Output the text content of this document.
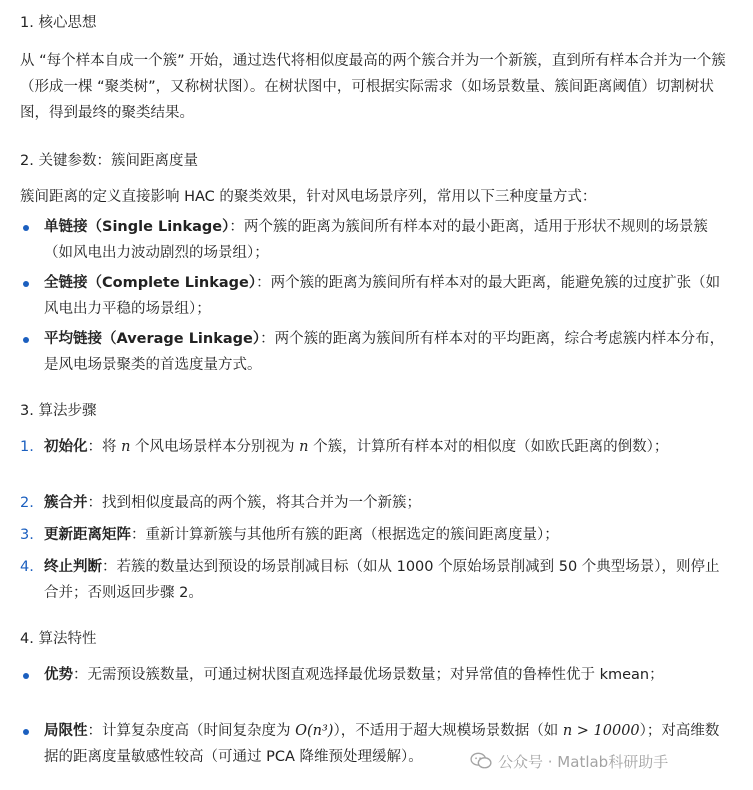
1. 核心思想
从 “每个样本自成一个簇” 开始，通过迭代将相似度最高的两个簇合并为一个新簇，直到所有样本合并为一个簇（形成一棵 “聚类树”，又称树状图）。在树状图中，可根据实际需求（如场景数量、簇间距离阈值）切割树状图，得到最终的聚类结果。
2. 关键参数：簇间距离度量
簇间距离的定义直接影响 HAC 的聚类效果，针对风电场景序列，常用以下三种度量方式：
单链接（Single Linkage）：两个簇的距离为簇间所有样本对的最小距离，适用于形状不规则的场景簇（如风电出力波动剧烈的场景组）；
全链接（Complete Linkage）：两个簇的距离为簇间所有样本对的最大距离，能避免簇的过度扩张（如风电出力平稳的场景组）；
平均链接（Average Linkage）：两个簇的距离为簇间所有样本对的平均距离，综合考虑簇内样本分布，是风电场景聚类的首选度量方式。
3. 算法步骤
1. 初始化：将 n 个风电场景样本分别视为 n 个簇，计算所有样本对的相似度（如欧氏距离的倒数）；
2. 簇合并：找到相似度最高的两个簇，将其合并为一个新簇；
3. 更新距离矩阵：重新计算新簇与其他所有簇的距离（根据选定的簇间距离度量）；
4. 终止判断：若簇的数量达到预设的场景削减目标（如从 1000 个原始场景削减到 50 个典型场景），则停止合并；否则返回步骤 2。
4. 算法特性
优势：无需预设簇数量，可通过树状图直观选择最优场景数量；对异常值的鲁棒性优于 kmean；
局限性：计算复杂度高（时间复杂度为 O(n³)），不适用于超大规模场景数据（如 n > 10000）；对高维数据的距离度量敏感性较高（可通过 PCA 降维预处理缓解）。	公众号 · Matlab科研助手
